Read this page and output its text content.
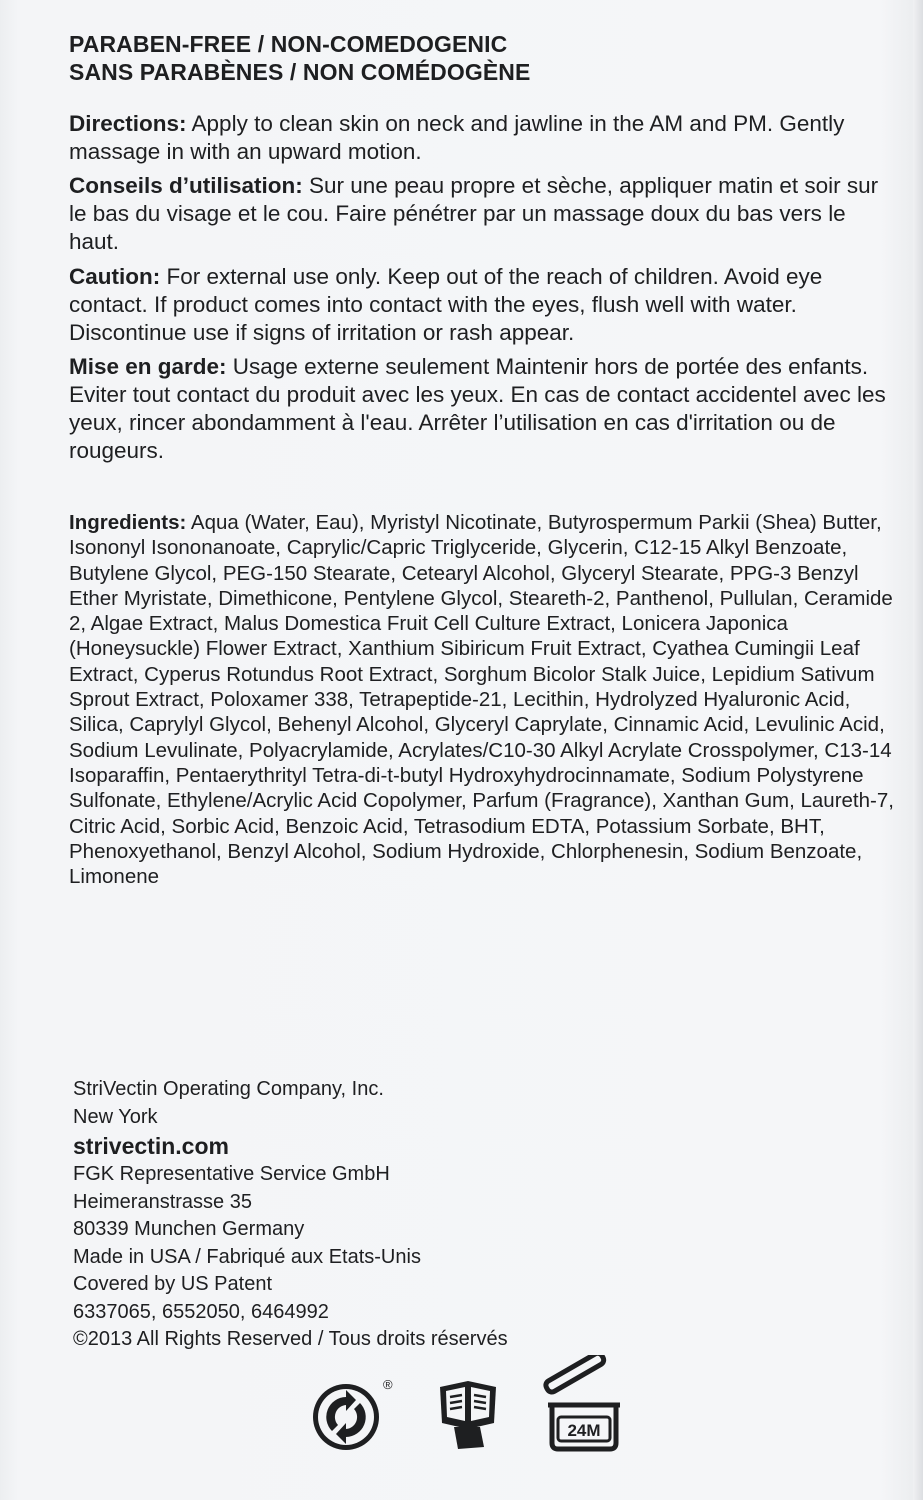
PARABEN-FREE / NON-COMEDOGENIC

SANS PARABÈNES / NON COMÉDOGÈNE

Directions: Apply to clean skin on neck and jawline in the AM and PM. Gently massage in with an upward motion.

Conseils d’utilisation: Sur une peau propre et sèche, appliquer matin et soir sur le bas du visage et le cou. Faire pénétrer par un massage doux du bas vers le haut.

Caution: For external use only. Keep out of the reach of children. Avoid eye contact. If product comes into contact with the eyes, flush well with water. Discontinue use if signs of irritation or rash appear.

Mise en garde: Usage externe seulement Maintenir hors de portée des enfants. Eviter tout contact du produit avec les yeux. En cas de contact accidentel avec les yeux, rincer abondamment à l'eau. Arrêter l’utilisation en cas d'irritation ou de rougeurs.

Ingredients: Aqua (Water, Eau), Myristyl Nicotinate, Butyrospermum Parkii (Shea) Butter, Isononyl Isononanoate, Caprylic/Capric Triglyceride, Glycerin, C12-15 Alkyl Benzoate, Butylene Glycol, PEG-150 Stearate, Cetearyl Alcohol, Glyceryl Stearate, PPG-3 Benzyl Ether Myristate, Dimethicone, Pentylene Glycol, Steareth-2, Panthenol, Pullulan, Ceramide 2, Algae Extract, Malus Domestica Fruit Cell Culture Extract, Lonicera Japonica (Honeysuckle) Flower Extract, Xanthium Sibiricum Fruit Extract, Cyathea Cumingii Leaf Extract, Cyperus Rotundus Root Extract, Sorghum Bicolor Stalk Juice, Lepidium Sativum Sprout Extract, Poloxamer 338, Tetrapeptide-21, Lecithin, Hydrolyzed Hyaluronic Acid, Silica, Caprylyl Glycol, Behenyl Alcohol, Glyceryl Caprylate, Cinnamic Acid, Levulinic Acid, Sodium Levulinate, Polyacrylamide, Acrylates/C10-30 Alkyl Acrylate Crosspolymer, C13-14 Isoparaffin, Pentaerythrityl Tetra-di-t-butyl Hydroxyhydrocinnamate, Sodium Polystyrene Sulfonate, Ethylene/Acrylic Acid Copolymer, Parfum (Fragrance), Xanthan Gum, Laureth-7, Citric Acid, Sorbic Acid, Benzoic Acid, Tetrasodium EDTA, Potassium Sorbate, BHT, Phenoxyethanol, Benzyl Alcohol, Sodium Hydroxide, Chlorphenesin, Sodium Benzoate, Limonene

StriVectin Operating Company, Inc.
New York
strivectin.com
FGK Representative Service GmbH
Heimeranstrasse 35
80339 Munchen Germany
Made in USA / Fabriqué aux Etats-Unis
Covered by US Patent
6337065, 6552050, 6464992
©2013 All Rights Reserved / Tous droits réservés
®
24M
